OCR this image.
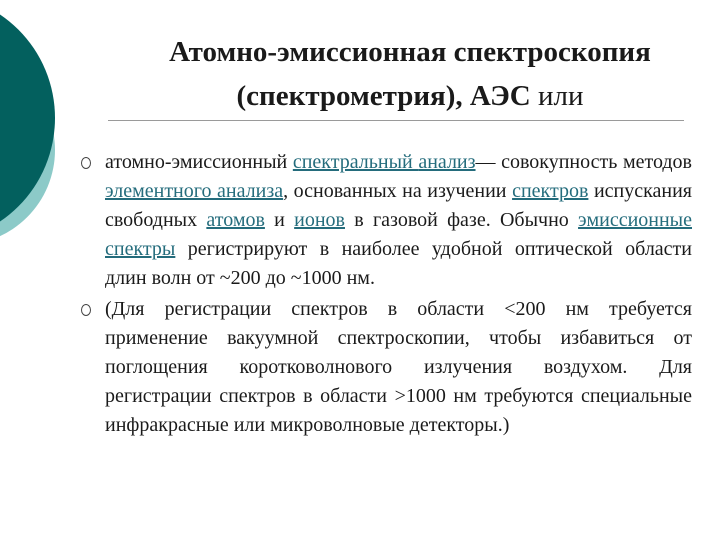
Атомно-эмиссионная спектроскопия
(спектрометрия), АЭС или
атомно-эмиссионный спектральный анализ— совокупность методов элементного анализа, основанных на изучении спектров испускания свободных атомов и ионов в газовой фазе. Обычно эмиссионные спектры регистрируют в наиболее удобной оптической области длин волн от ~200 до ~1000 нм.
(Для регистрации спектров в области <200 нм требуется применение вакуумной спектроскопии, чтобы избавиться от поглощения коротковолнового излучения воздухом. Для регистрации спектров в области >1000 нм требуются специальные инфракрасные или микроволновые детекторы.)
